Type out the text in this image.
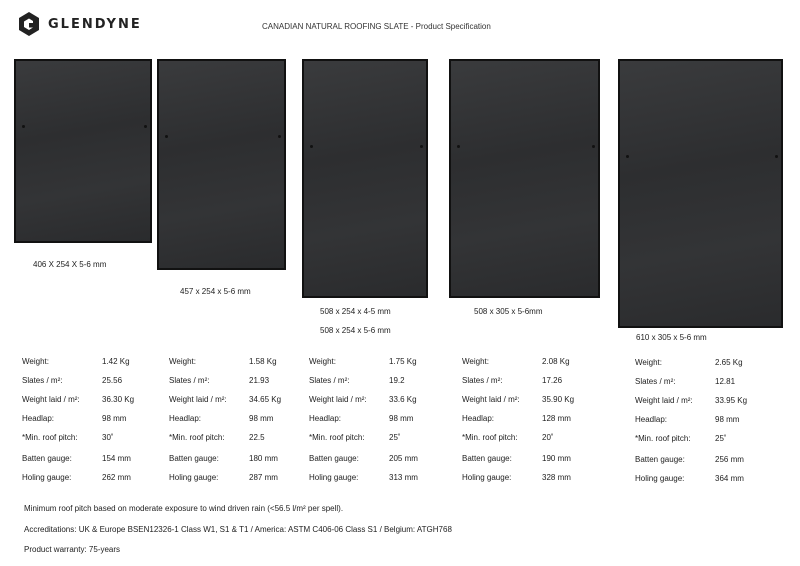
GLENDYNE	CANADIAN NATURAL ROOFING SLATE - Product Specification
406 X 254 X 5-6 mm
457 x 254 x 5-6 mm
508 x 254 x 4-5 mm
508 x 254 x 5-6 mm
508 x 305 x 5-6mm
610 x 305 x 5-6 mm
Weight:	1.42 Kg
Slates / m²:	25.56
Weight laid / m²:	36.30 Kg
Headlap:	98 mm
*Min. roof pitch:	30˚
Batten gauge:	154 mm
Holing gauge:	262 mm
Weight:	1.58 Kg
Slates / m²:	21.93
Weight laid / m²:	34.65 Kg
Headlap:	98 mm
*Min. roof pitch:	22.5
Batten gauge:	180 mm
Holing gauge:	287 mm
Weight:	1.75 Kg
Slates / m²:	19.2
Weight laid / m²:	33.6 Kg
Headlap:	98 mm
*Min. roof pitch:	25˚
Batten gauge:	205 mm
Holing gauge:	313 mm
Weight:	2.08 Kg
Slates / m²:	17.26
Weight laid / m²:	35.90 Kg
Headlap:	128 mm
*Min. roof pitch:	20˚
Batten gauge:	190 mm
Holing gauge:	328 mm
Weight:	2.65 Kg
Slates / m²:	12.81
Weight laid / m²:	33.95 Kg
Headlap:	98 mm
*Min. roof pitch:	25˚
Batten gauge:	256 mm
Holing gauge:	364 mm
Minimum roof pitch based on moderate exposure to wind driven rain (<56.5 l/m² per spell).
Accreditations: UK & Europe BSEN12326-1 Class W1, S1 & T1 / America: ASTM C406-06 Class S1 / Belgium: ATGH768
Product warranty: 75-years
